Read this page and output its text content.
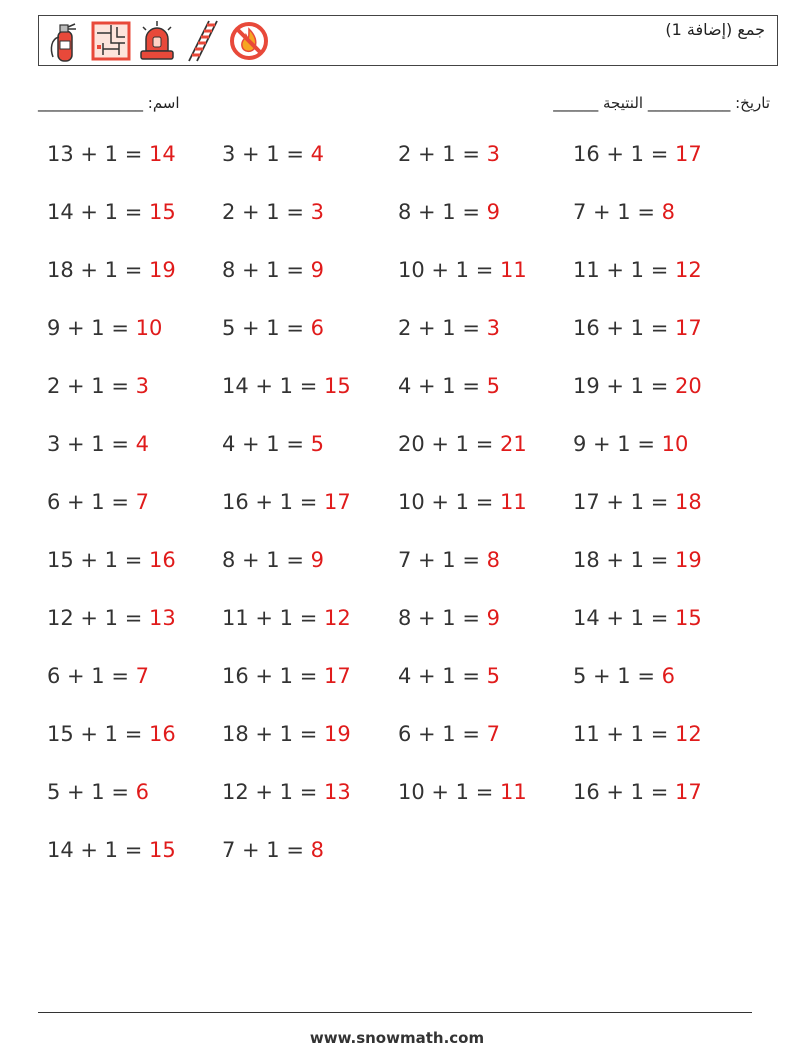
جمع (إضافة 1)
اسم: ______________	تاريخ: ___________ النتيجة ______
13 + 1 = 14 3 + 1 = 4	2 + 1 = 3	16 + 1 = 17
14 + 1 = 15 2 + 1 = 3	8 + 1 = 9	7 + 1 = 8
18 + 1 = 19 8 + 1 = 9	10 + 1 = 11 11 + 1 = 12
9 + 1 = 10	5 + 1 = 6	2 + 1 = 3	16 + 1 = 17
2 + 1 = 3	14 + 1 = 15 4 + 1 = 5	19 + 1 = 20
3 + 1 = 4	4 + 1 = 5	20 + 1 = 21 9 + 1 = 10
6 + 1 = 7	16 + 1 = 17 10 + 1 = 11 17 + 1 = 18
15 + 1 = 16 8 + 1 = 9	7 + 1 = 8	18 + 1 = 19
12 + 1 = 13 11 + 1 = 12 8 + 1 = 9	14 + 1 = 15
6 + 1 = 7	16 + 1 = 17 4 + 1 = 5	5 + 1 = 6
15 + 1 = 16 18 + 1 = 19 6 + 1 = 7	11 + 1 = 12
5 + 1 = 6	12 + 1 = 13 10 + 1 = 11 16 + 1 = 17
14 + 1 = 15 7 + 1 = 8
www.snowmath.com
